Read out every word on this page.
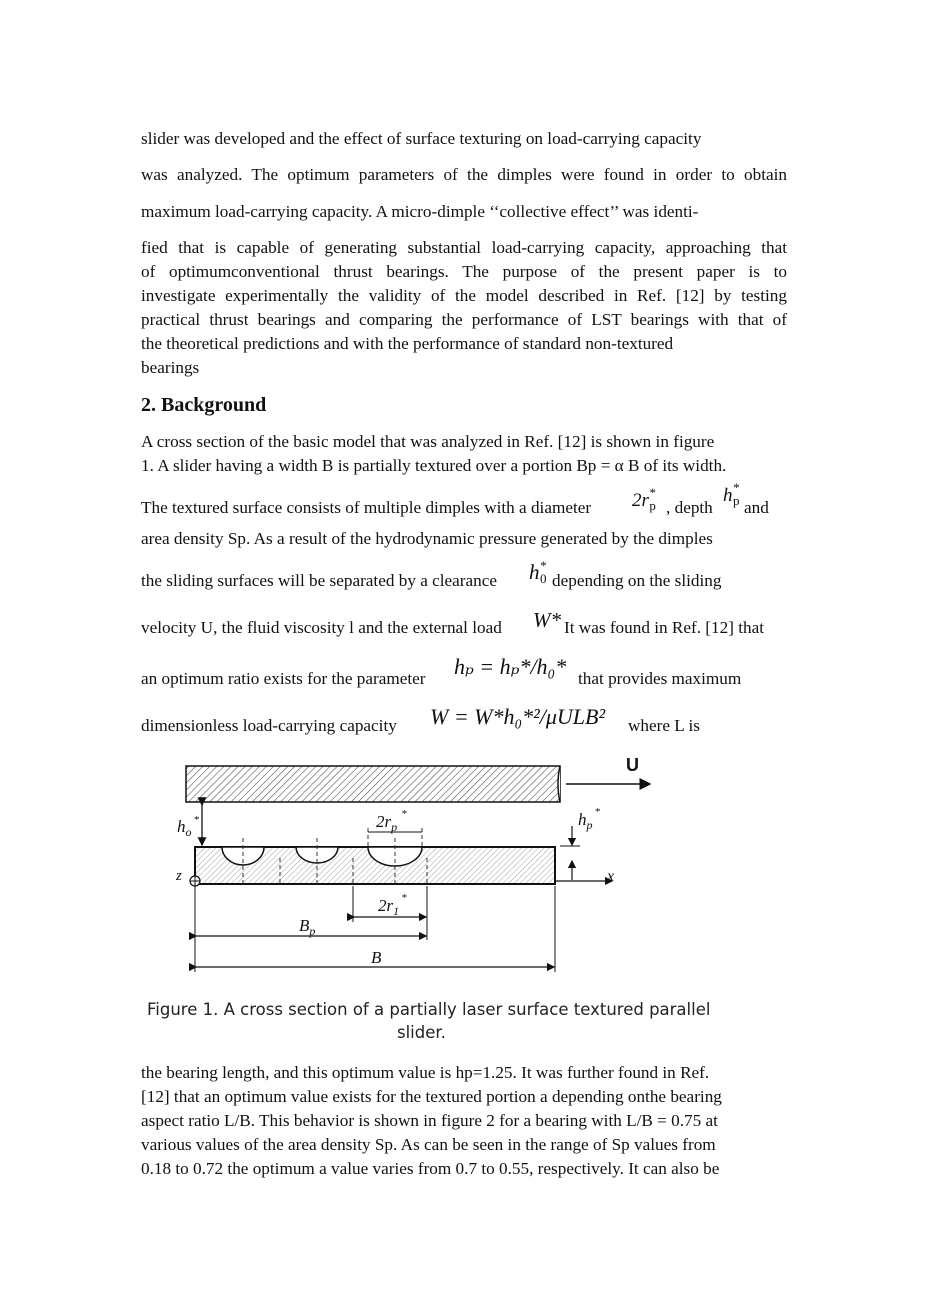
slider was developed and the effect of surface texturing on load-carrying capacity
was analyzed. The optimum parameters of the dimples were found in order to obtain
maximum load-carrying capacity. A micro-dimple ‘‘collective effect’’ was identi-
fied that is capable of generating substantial load-carrying capacity, approaching that
of optimumconventional thrust bearings. The purpose of the present paper is to
investigate experimentally the validity of the model described in Ref. [12] by testing
practical thrust bearings and comparing the performance of LST bearings with that of
the theoretical predictions and with the performance of standard non-textured
bearings
2. Background
A cross section of the basic model that was analyzed in Ref. [12] is shown in figure
1. A slider having a width B is partially textured over a portion Bp = α B of its width.
The textured surface consists of multiple dimples with a diameter $2r^*_p$ , depth
$h^*_p$ and
area density Sp. As a result of the hydrodynamic pressure generated by the dimples
the sliding surfaces will be separated by a clearance $h^*_0$ depending on the sliding
velocity U, the fluid viscosity l and the external load W* It was found in Ref. [12] that
an optimum ratio exists for the parameter hₚ = hₚ*/h₀* that provides maximum
dimensionless load-carrying capacity W = W*h₀*²/μULB² where L is
U
$h_o^*$	$2r_p^*$	$h_p^*$
z	x
$2r_1^*$
$B_p$
B
Figure 1. A cross section of a partially laser surface textured parallel
slider.
the bearing length, and this optimum value is hp=1.25. It was further found in Ref.
[12] that an optimum value exists for the textured portion a depending onthe bearing
aspect ratio L/B. This behavior is shown in figure 2 for a bearing with L/B = 0.75 at
various values of the area density Sp. As can be seen in the range of Sp values from
0.18 to 0.72 the optimum a value varies from 0.7 to 0.55, respectively. It can also be
